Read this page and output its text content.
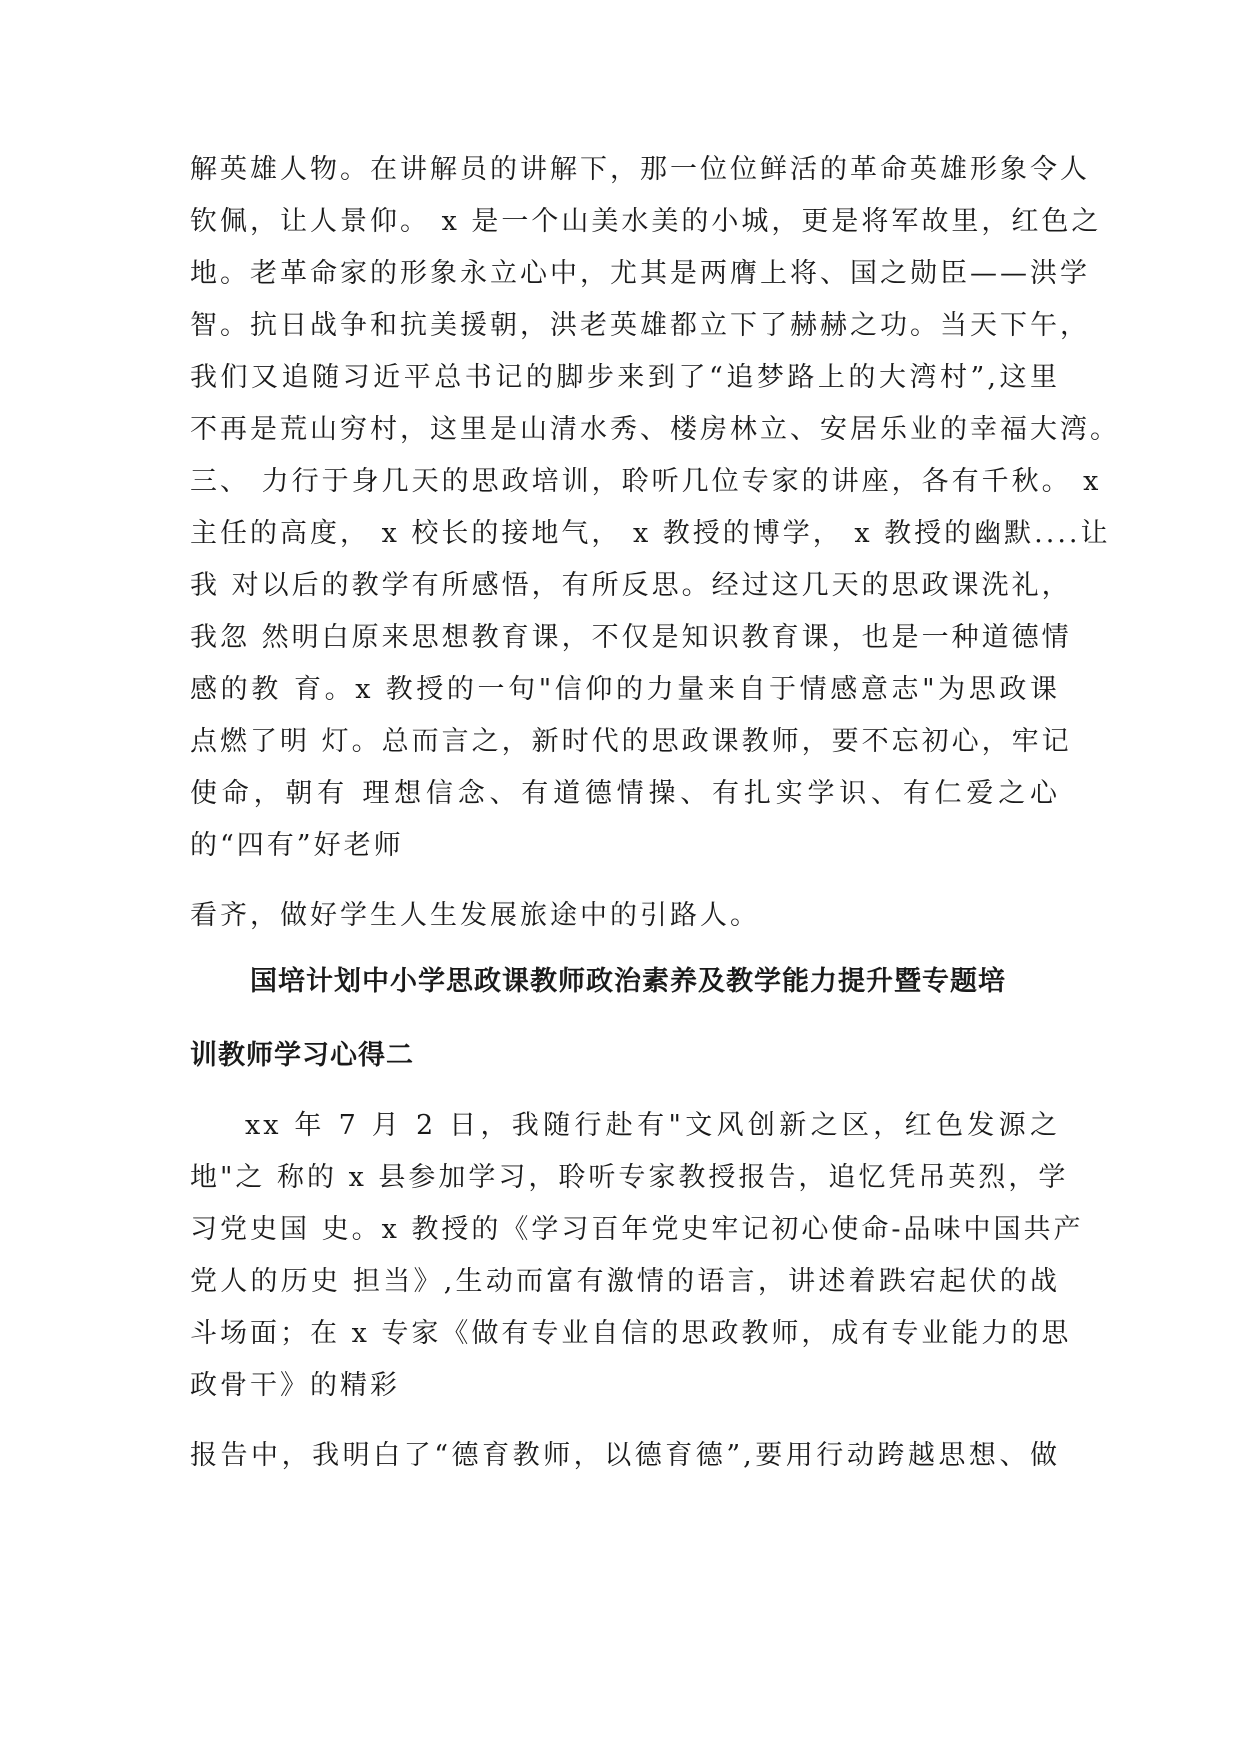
解英雄人物。在讲解员的讲解下，那一位位鲜活的革命英雄形象令人
钦佩，让人景仰。 x 是一个山美水美的小城，更是将军故里，红色之
地。老革命家的形象永立心中，尤其是两膺上将、国之勋臣——洪学
智。抗日战争和抗美援朝，洪老英雄都立下了赫赫之功。当天下午，
我们又追随习近平总书记的脚步来到了“追梦路上的大湾村”,这里
不再是荒山穷村，这里是山清水秀、楼房林立、安居乐业的幸福大湾。
三、 力行于身几天的思政培训，聆听几位专家的讲座，各有千秋。 x
主任的高度， x 校长的接地气， x 教授的博学， x 教授的幽默....让
我 对以后的教学有所感悟，有所反思。经过这几天的思政课洗礼，
我忽 然明白原来思想教育课，不仅是知识教育课，也是一种道德情
感的教 育。x 教授的一句"信仰的力量来自于情感意志"为思政课
点燃了明 灯。总而言之，新时代的思政课教师，要不忘初心，牢记
使命，朝有 理想信念、有道德情操、有扎实学识、有仁爱之心
的“四有”好老师
看齐，做好学生人生发展旅途中的引路人。
国培计划中小学思政课教师政治素养及教学能力提升暨专题培
训教师学习心得二
xx 年 7 月 2 日，我随行赴有"文风创新之区，红色发源之
地"之 称的 x 县参加学习，聆听专家教授报告，追忆凭吊英烈，学
习党史国 史。x 教授的《学习百年党史牢记初心使命-品味中国共产
党人的历史 担当》,生动而富有激情的语言，讲述着跌宕起伏的战
斗场面；在 x 专家《做有专业自信的思政教师，成有专业能力的思
政骨干》的精彩
报告中，我明白了“德育教师，以德育德”,要用行动跨越思想、做
